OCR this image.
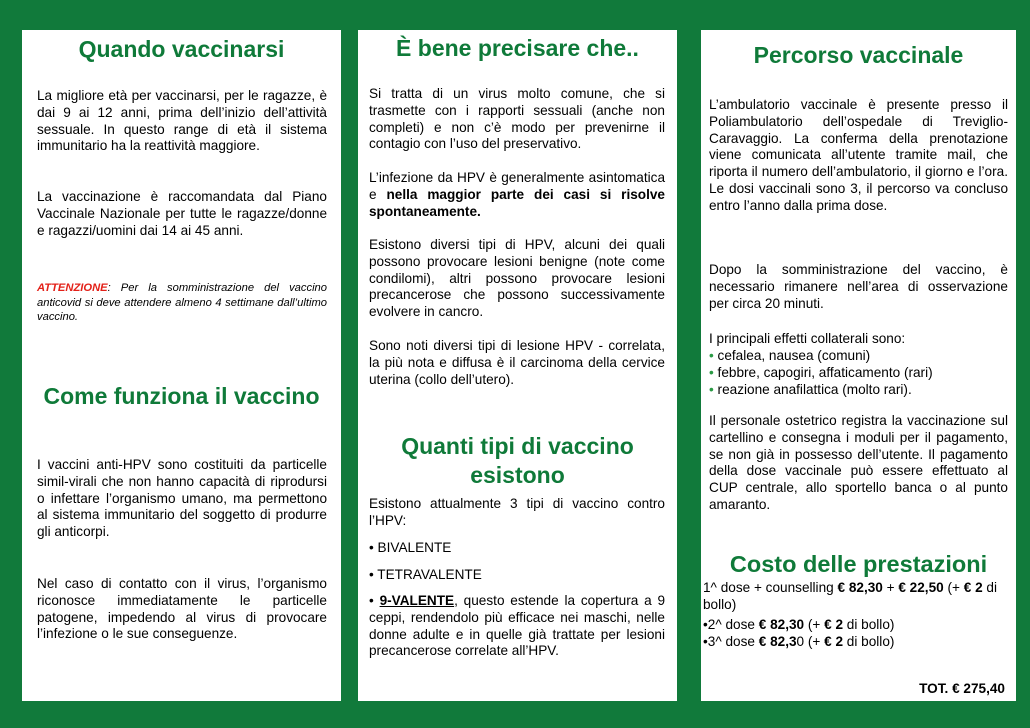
Quando vaccinarsi

La migliore età per vaccinarsi, per le ragazze, è dai 9 ai 12 anni, prima dell’inizio dell’attività sessuale. In questo range di età il sistema immunitario ha la reattività maggiore.

La vaccinazione è raccomandata dal Piano Vaccinale Nazionale per tutte le ragazze/donne e ragazzi/uomini dai 14 ai 45 anni.

ATTENZIONE: Per la somministrazione del vaccino anticovid si deve attendere almeno 4 settimane dall’ultimo vaccino.

Come funziona il vaccino

I vaccini anti-HPV sono costituiti da particelle simil-virali che non hanno capacità di riprodursi o infettare l’organismo umano, ma permettono al sistema immunitario del soggetto di produrre gli anticorpi.

Nel caso di contatto con il virus, l’organismo riconosce immediatamente le particelle patogene, impedendo al virus di provocare l’infezione o le sue conseguenze.

È bene precisare che..

Si tratta di un virus molto comune, che si trasmette con i rapporti sessuali (anche non completi) e non c’è modo per prevenirne il contagio con l’uso del preservativo.

L’infezione da HPV è generalmente asintomatica e nella maggior parte dei casi si risolve spontaneamente.

Esistono diversi tipi di HPV, alcuni dei quali possono provocare lesioni benigne (note come condilomi), altri possono provocare lesioni precancerose che possono successivamente evolvere in cancro.

Sono noti diversi tipi di lesione HPV - correlata, la più nota e diffusa è il carcinoma della cervice uterina (collo dell’utero).

Quanti tipi di vaccino esistono

Esistono attualmente 3 tipi di vaccino contro l’HPV:

• BIVALENTE
• TETRAVALENTE

• 9-VALENTE, questo estende la copertura a 9 ceppi, rendendolo più efficace nei maschi, nelle donne adulte e in quelle già trattate per lesioni precancerose correlate all’HPV.

Percorso vaccinale

L’ambulatorio vaccinale è presente presso il Poliambulatorio dell’ospedale di Treviglio-Caravaggio. La conferma della prenotazione viene comunicata all’utente tramite mail, che riporta il numero dell’ambulatorio, il giorno e l’ora. Le dosi vaccinali sono 3, il percorso va concluso entro l’anno dalla prima dose.

Dopo la somministrazione del vaccino, è necessario rimanere nell’area di osservazione per circa 20 minuti.

I principali effetti collaterali sono:

• cefalea, nausea (comuni)
• febbre, capogiri, affaticamento (rari)
• reazione anafilattica (molto rari).

Il personale ostetrico registra la vaccinazione sul cartellino e consegna i moduli per il pagamento, se non già in possesso dell’utente. Il pagamento della dose vaccinale può essere effettuato al CUP centrale, allo sportello banca o al punto amaranto.

Costo delle prestazioni

1^ dose + counselling € 82,30 + € 22,50 (+ € 2 di bollo)

•2^ dose € 82,30 (+ € 2 di bollo)

•3^ dose € 82,30 (+ € 2 di bollo)

TOT. € 275,40
